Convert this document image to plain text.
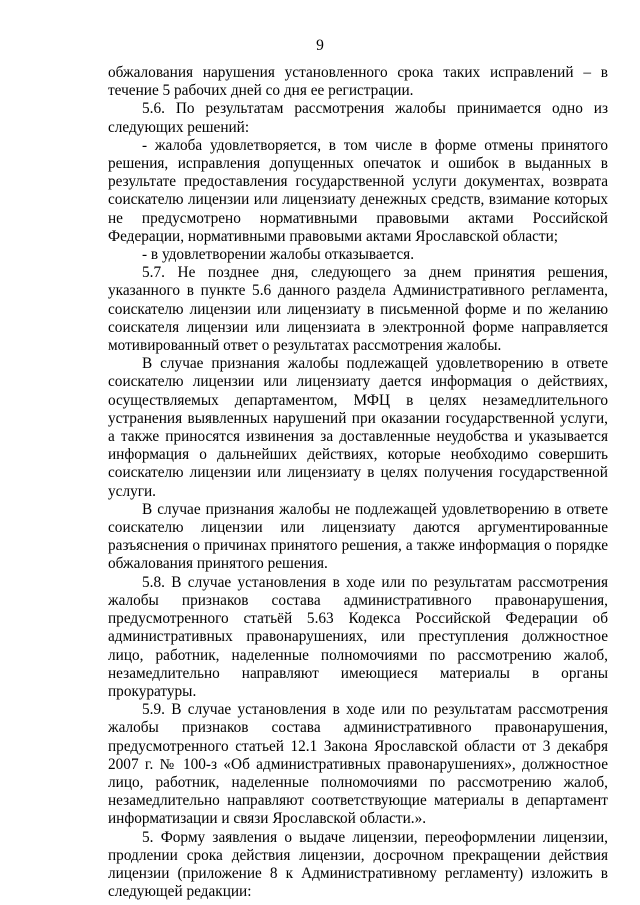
9

обжалования нарушения установленного срока таких исправлений – в течение 5 рабочих дней со дня ее регистрации.

5.6. По результатам рассмотрения жалобы принимается одно из следующих решений:

- жалоба удовлетворяется, в том числе в форме отмены принятого решения, исправления допущенных опечаток и ошибок в выданных в результате предоставления государственной услуги документах, возврата соискателю лицензии или лицензиату денежных средств, взимание которых не предусмотрено нормативными правовыми актами Российской Федерации, нормативными правовыми актами Ярославской области;

- в удовлетворении жалобы отказывается.

5.7. Не позднее дня, следующего за днем принятия решения, указанного в пункте 5.6 данного раздела Административного регламента, соискателю лицензии или лицензиату в письменной форме и по желанию соискателя лицензии или лицензиата в электронной форме направляется мотивированный ответ о результатах рассмотрения жалобы.

В случае признания жалобы подлежащей удовлетворению в ответе соискателю лицензии или лицензиату дается информация о действиях, осуществляемых департаментом, МФЦ в целях незамедлительного устранения выявленных нарушений при оказании государственной услуги, а также приносятся извинения за доставленные неудобства и указывается информация о дальнейших действиях, которые необходимо совершить соискателю лицензии или лицензиату в целях получения государственной услуги.

В случае признания жалобы не подлежащей удовлетворению в ответе соискателю лицензии или лицензиату даются аргументированные разъяснения о причинах принятого решения, а также информация о порядке обжалования принятого решения.

5.8. В случае установления в ходе или по результатам рассмотрения жалобы признаков состава административного правонарушения, предусмотренного статьёй 5.63 Кодекса Российской Федерации об административных правонарушениях, или преступления должностное лицо, работник, наделенные полномочиями по рассмотрению жалоб, незамедлительно направляют имеющиеся материалы в органы прокуратуры.

5.9. В случае установления в ходе или по результатам рассмотрения жалобы признаков состава административного правонарушения, предусмотренного статьей 12.1 Закона Ярославской области от 3 декабря 2007 г. № 100-з «Об административных правонарушениях», должностное лицо, работник, наделенные полномочиями по рассмотрению жалоб, незамедлительно направляют соответствующие материалы в департамент информатизации и связи Ярославской области.».

5. Форму заявления о выдаче лицензии, переоформлении лицензии, продлении срока действия лицензии, досрочном прекращении действия лицензии (приложение 8 к Административному регламенту) изложить в следующей редакции:
